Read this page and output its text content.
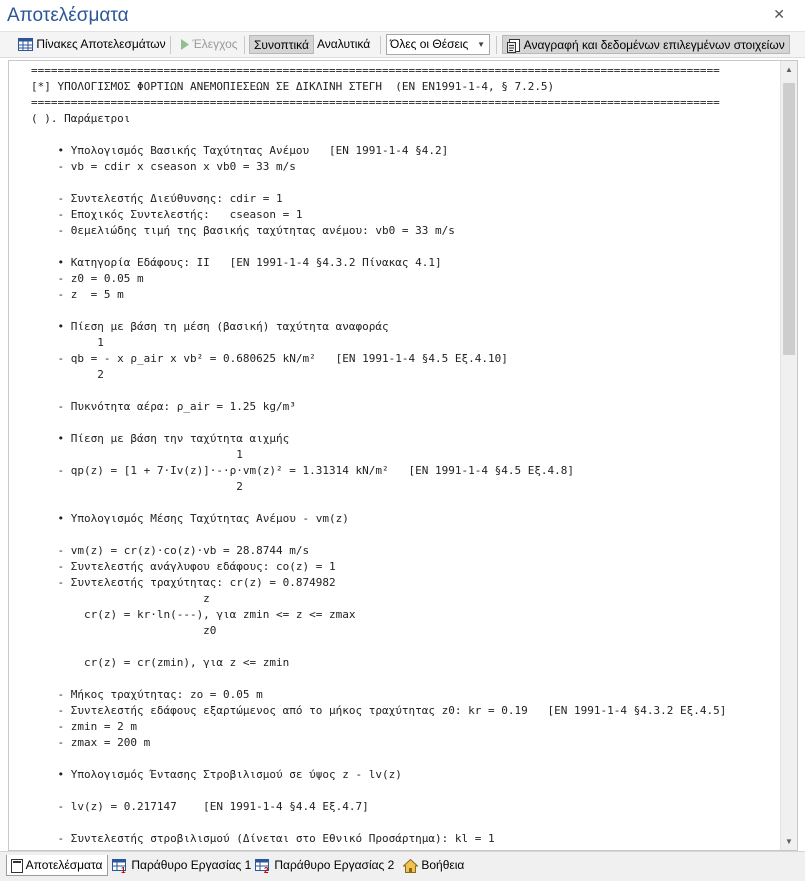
Αποτελέσματα	✕
Πίνακες Αποτελεσμάτων	Έλεγχος	Συνοπτικά Αναλυτικά	Όλες οι Θέσεις ▼	Αναγραφή και δεδομένων επιλεγμένων στοιχείων
========================================================================================================
[*] ΥΠΟΛΟΓΙΣΜΟΣ ΦΟΡΤΙΩΝ ΑΝΕΜΟΠΙΕΣΕΩΝ ΣΕ ΔΙΚΛΙΝΗ ΣΤΕΓΗ  (ΕΝ ΕΝ1991-1-4, § 7.2.5)
========================================================================================================
( ). Παράμετροι
• Υπολογισμός Βασικής Ταχύτητας Ανέμου   [EN 1991-1-4 §4.2]
- vb = cdir x cseason x vb0 = 33 m/s
- Συντελεστής Διεύθυνσης: cdir = 1
- Εποχικός Συντελεστής:   cseason = 1
- Θεμελιώδης τιμή της βασικής ταχύτητας ανέμου: vb0 = 33 m/s
• Κατηγορία Εδάφους: II   [EN 1991-1-4 §4.3.2 Πίνακας 4.1]
- z0 = 0.05 m
- z  = 5 m
• Πίεση με βάση τη μέση (βασική) ταχύτητα αναφοράς
1
- qb = - x ρ_air x vb² = 0.680625 kN/m²   [EN 1991-1-4 §4.5 Εξ.4.10]
2
- Πυκνότητα αέρα: ρ_air = 1.25 kg/m³
• Πίεση με βάση την ταχύτητα αιχμής
1
- qp(z) = [1 + 7·Iv(z)]·-·ρ·vm(z)² = 1.31314 kN/m²   [EN 1991-1-4 §4.5 Εξ.4.8]
2
• Υπολογισμός Μέσης Ταχύτητας Ανέμου - vm(z)
- vm(z) = cr(z)·co(z)·vb = 28.8744 m/s
- Συντελεστής ανάγλυφου εδάφους: co(z) = 1
- Συντελεστής τραχύτητας: cr(z) = 0.874982
z
cr(z) = kr·ln(---), για zmin <= z <= zmax
z0
cr(z) = cr(zmin), για z <= zmin
- Μήκος τραχύτητας: zo = 0.05 m
- Συντελεστής εδάφους εξαρτώμενος από το μήκος τραχύτητας z0: kr = 0.19   [EN 1991-1-4 §4.3.2 Εξ.4.5]
- zmin = 2 m
- zmax = 200 m
• Υπολογισμός Έντασης Στροβιλισμού σε ύψος z - lv(z)
- lv(z) = 0.217147    [EN 1991-1-4 §4.4 Εξ.4.7]
- Συντελεστής στροβιλισμού (Δίνεται στο Εθνικό Προσάρτημα): kl = 1
▲
▼
Αποτελέσματα	1 Παράθυρο Εργασίας 1	2 Παράθυρο Εργασίας 2	Βοήθεια
